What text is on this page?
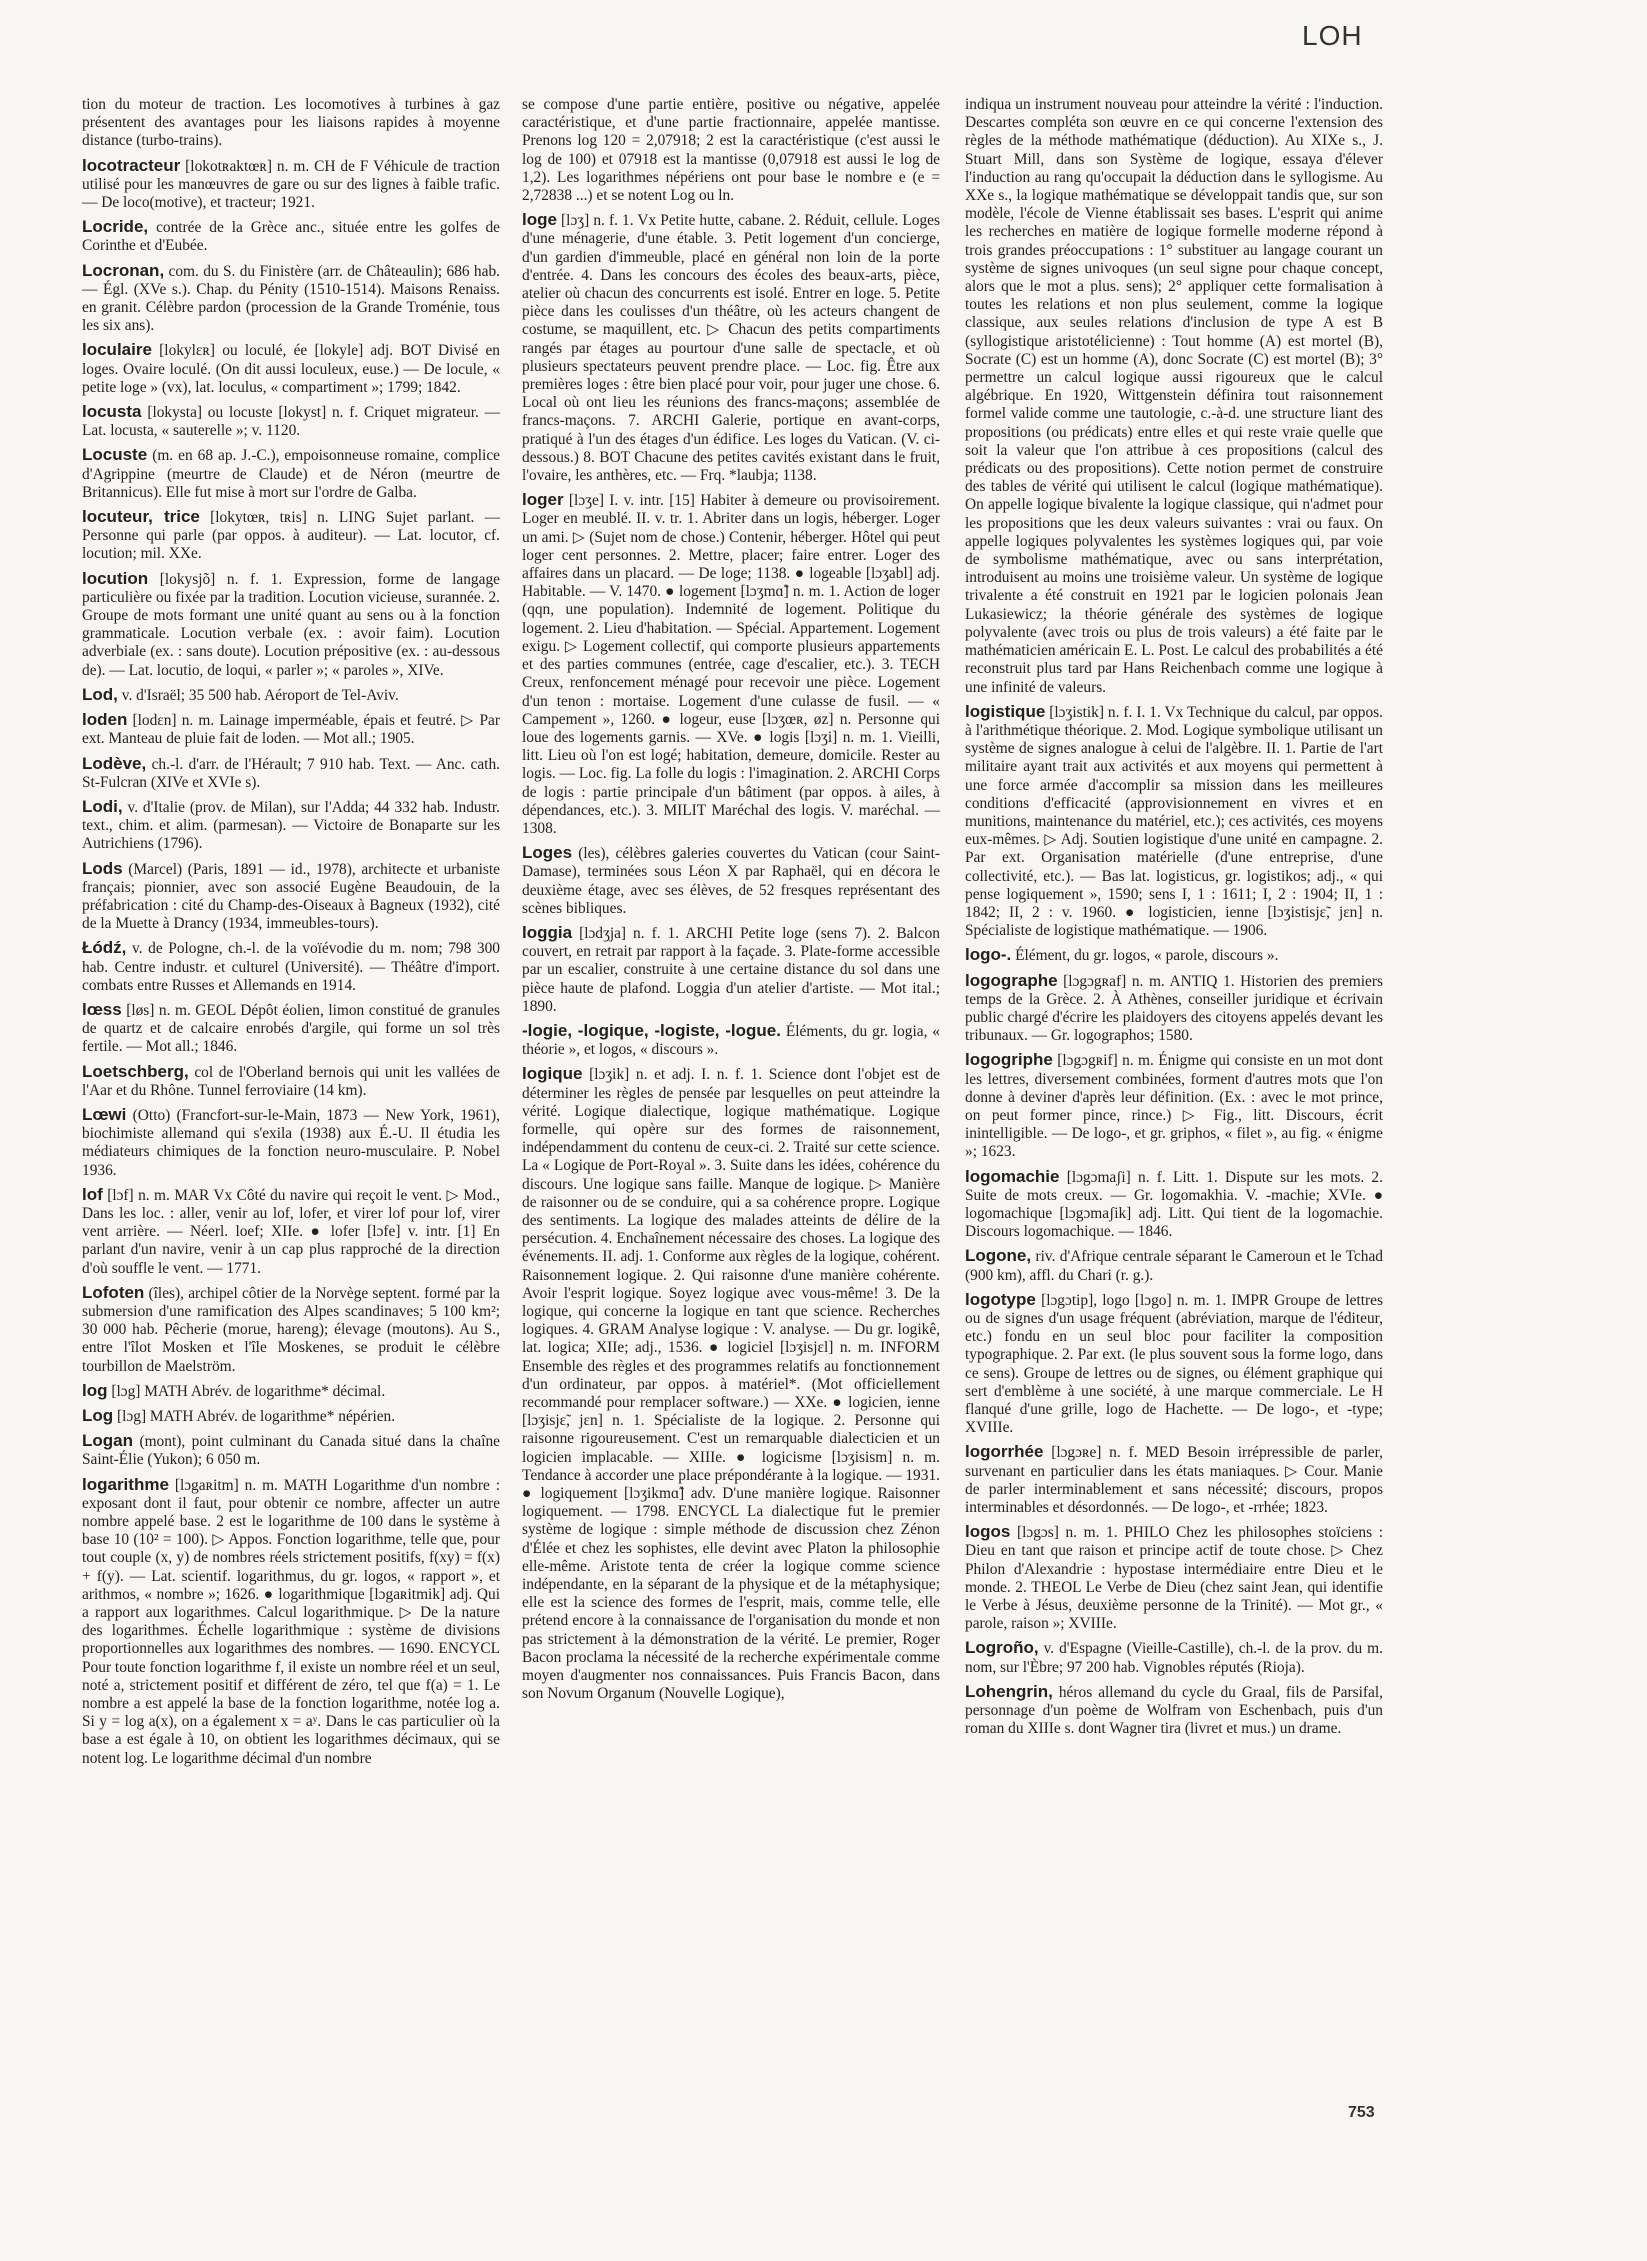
LOH

tion du moteur de traction. Les locomotives à turbines à gaz présentent des avantages pour les liaisons rapides à moyenne distance (turbo-trains).

locotracteur [lokotʀaktœʀ] n. m. CH de F Véhicule de traction utilisé pour les manœuvres de gare ou sur des lignes à faible trafic. — De loco(motive), et tracteur; 1921.

Locride, contrée de la Grèce anc., située entre les golfes de Corinthe et d'Eubée.

Locronan, com. du S. du Finistère (arr. de Châteaulin); 686 hab. — Égl. (XVe s.). Chap. du Pénity (1510-1514). Maisons Renaiss. en granit. Célèbre pardon (procession de la Grande Troménie, tous les six ans).

loculaire [lokylɛʀ] ou loculé, ée [lokyle] adj. BOT Divisé en loges. Ovaire loculé. (On dit aussi loculeux, euse.) — De locule, « petite loge » (vx), lat. loculus, « compartiment »; 1799; 1842.

locusta [lokysta] ou locuste [lokyst] n. f. Criquet migrateur. — Lat. locusta, « sauterelle »; v. 1120.

Locuste (m. en 68 ap. J.-C.), empoisonneuse romaine, complice d'Agrippine (meurtre de Claude) et de Néron (meurtre de Britannicus). Elle fut mise à mort sur l'ordre de Galba.

locuteur, trice [lokytœʀ, tʀis] n. LING Sujet parlant. — Personne qui parle (par oppos. à auditeur). — Lat. locutor, cf. locution; mil. XXe.

locution [lokysjõ] n. f. 1. Expression, forme de langage particulière ou fixée par la tradition. Locution vicieuse, surannée. 2. Groupe de mots formant une unité quant au sens ou à la fonction grammaticale. Locution verbale (ex. : avoir faim). Locution adverbiale (ex. : sans doute). Locution prépositive (ex. : au-dessous de). — Lat. locutio, de loqui, « parler »; « paroles », XIVe.

Lod, v. d'Israël; 35 500 hab. Aéroport de Tel-Aviv.

loden [lodɛn] n. m. Lainage imperméable, épais et feutré. ▷ Par ext. Manteau de pluie fait de loden. — Mot all.; 1905.

Lodève, ch.-l. d'arr. de l'Hérault; 7 910 hab. Text. — Anc. cath. St-Fulcran (XIVe et XVIe s).

Lodi, v. d'Italie (prov. de Milan), sur l'Adda; 44 332 hab. Industr. text., chim. et alim. (parmesan). — Victoire de Bonaparte sur les Autrichiens (1796).

Lods (Marcel) (Paris, 1891 — id., 1978), architecte et urbaniste français; pionnier, avec son associé Eugène Beaudouin, de la préfabrication : cité du Champ-des-Oiseaux à Bagneux (1932), cité de la Muette à Drancy (1934, immeubles-tours).

Łódź, v. de Pologne, ch.-l. de la voïévodie du m. nom; 798 300 hab. Centre industr. et culturel (Université). — Théâtre d'import. combats entre Russes et Allemands en 1914.

lœss [løs] n. m. GEOL Dépôt éolien, limon constitué de granules de quartz et de calcaire enrobés d'argile, qui forme un sol très fertile. — Mot all.; 1846.

Loetschberg, col de l'Oberland bernois qui unit les vallées de l'Aar et du Rhône. Tunnel ferroviaire (14 km).

Lœwi (Otto) (Francfort-sur-le-Main, 1873 — New York, 1961), biochimiste allemand qui s'exila (1938) aux É.-U. Il étudia les médiateurs chimiques de la fonction neuro-musculaire. P. Nobel 1936.

lof [lɔf] n. m. MAR Vx Côté du navire qui reçoit le vent. ▷ Mod., Dans les loc. : aller, venir au lof, lofer, et virer lof pour lof, virer vent arrière. — Néerl. loef; XIIe. ● lofer [lɔfe] v. intr. [1] En parlant d'un navire, venir à un cap plus rapproché de la direction d'où souffle le vent. — 1771.

Lofoten (îles), archipel côtier de la Norvège septent. formé par la submersion d'une ramification des Alpes scandinaves; 5 100 km²; 30 000 hab. Pêcherie (morue, hareng); élevage (moutons). Au S., entre l'îlot Mosken et l'île Moskenes, se produit le célèbre tourbillon de Maelström.

log [lɔg] MATH Abrév. de logarithme* décimal.

Log [lɔg] MATH Abrév. de logarithme* népérien.

Logan (mont), point culminant du Canada situé dans la chaîne Saint-Élie (Yukon); 6 050 m.

logarithme [lɔgaʀitm] n. m. MATH Logarithme d'un nombre : exposant dont il faut, pour obtenir ce nombre, affecter un autre nombre appelé base. 2 est le logarithme de 100 dans le système à base 10 (10² = 100). ▷ Appos. Fonction logarithme, telle que, pour tout couple (x, y) de nombres réels strictement positifs, f(xy) = f(x) + f(y). — Lat. scientif. logarithmus, du gr. logos, « rapport », et arithmos, « nombre »; 1626. ● logarithmique [lɔgaʀitmik] adj. Qui a rapport aux logarithmes. Calcul logarithmique. ▷ De la nature des logarithmes. Échelle logarithmique : système de divisions proportionnelles aux logarithmes des nombres. — 1690. ENCYCL Pour toute fonction logarithme f, il existe un nombre réel et un seul, noté a, strictement positif et différent de zéro, tel que f(a) = 1. Le nombre a est appelé la base de la fonction logarithme, notée log a. Si y = log a(x), on a également x = aʸ. Dans le cas particulier où la base a est égale à 10, on obtient les logarithmes décimaux, qui se notent log. Le logarithme décimal d'un nombre

se compose d'une partie entière, positive ou négative, appelée caractéristique, et d'une partie fractionnaire, appelée mantisse. Prenons log 120 = 2,07918; 2 est la caractéristique (c'est aussi le log de 100) et 07918 est la mantisse (0,07918 est aussi le log de 1,2). Les logarithmes népériens ont pour base le nombre e (e = 2,72838 ...) et se notent Log ou ln.

loge [lɔʒ] n. f. 1. Vx Petite hutte, cabane. 2. Réduit, cellule. Loges d'une ménagerie, d'une étable. 3. Petit logement d'un concierge, d'un gardien d'immeuble, placé en général non loin de la porte d'entrée. 4. Dans les concours des écoles des beaux-arts, pièce, atelier où chacun des concurrents est isolé. Entrer en loge. 5. Petite pièce dans les coulisses d'un théâtre, où les acteurs changent de costume, se maquillent, etc. ▷ Chacun des petits compartiments rangés par étages au pourtour d'une salle de spectacle, et où plusieurs spectateurs peuvent prendre place. — Loc. fig. Être aux premières loges : être bien placé pour voir, pour juger une chose. 6. Local où ont lieu les réunions des francs-maçons; assemblée de francs-maçons. 7. ARCHI Galerie, portique en avant-corps, pratiqué à l'un des étages d'un édifice. Les loges du Vatican. (V. ci-dessous.) 8. BOT Chacune des petites cavités existant dans le fruit, l'ovaire, les anthères, etc. — Frq. *laubja; 1138.

loger [lɔʒe] I. v. intr. [15] Habiter à demeure ou provisoirement. Loger en meublé. II. v. tr. 1. Abriter dans un logis, héberger. Loger un ami. ▷ (Sujet nom de chose.) Contenir, héberger. Hôtel qui peut loger cent personnes. 2. Mettre, placer; faire entrer. Loger des affaires dans un placard. — De loge; 1138. ● logeable [lɔʒabl] adj. Habitable. — V. 1470. ● logement [lɔʒmɑ̃] n. m. 1. Action de loger (qqn, une population). Indemnité de logement. Politique du logement. 2. Lieu d'habitation. — Spécial. Appartement. Logement exigu. ▷ Logement collectif, qui comporte plusieurs appartements et des parties communes (entrée, cage d'escalier, etc.). 3. TECH Creux, renfoncement ménagé pour recevoir une pièce. Logement d'un tenon : mortaise. Logement d'une culasse de fusil. — « Campement », 1260. ● logeur, euse [lɔʒœʀ, øz] n. Personne qui loue des logements garnis. — XVe. ● logis [lɔʒi] n. m. 1. Vieilli, litt. Lieu où l'on est logé; habitation, demeure, domicile. Rester au logis. — Loc. fig. La folle du logis : l'imagination. 2. ARCHI Corps de logis : partie principale d'un bâtiment (par oppos. à ailes, à dépendances, etc.). 3. MILIT Maréchal des logis. V. maréchal. — 1308.

Loges (les), célèbres galeries couvertes du Vatican (cour Saint-Damase), terminées sous Léon X par Raphaël, qui en décora le deuxième étage, avec ses élèves, de 52 fresques représentant des scènes bibliques.

loggia [lɔdʒja] n. f. 1. ARCHI Petite loge (sens 7). 2. Balcon couvert, en retrait par rapport à la façade. 3. Plate-forme accessible par un escalier, construite à une certaine distance du sol dans une pièce haute de plafond. Loggia d'un atelier d'artiste. — Mot ital.; 1890.

-logie, -logique, -logiste, -logue. Éléments, du gr. logia, « théorie », et logos, « discours ».

logique [lɔʒik] n. et adj. I. n. f. 1. Science dont l'objet est de déterminer les règles de pensée par lesquelles on peut atteindre la vérité. Logique dialectique, logique mathématique. Logique formelle, qui opère sur des formes de raisonnement, indépendamment du contenu de ceux-ci. 2. Traité sur cette science. La « Logique de Port-Royal ». 3. Suite dans les idées, cohérence du discours. Une logique sans faille. Manque de logique. ▷ Manière de raisonner ou de se conduire, qui a sa cohérence propre. Logique des sentiments. La logique des malades atteints de délire de la persécution. 4. Enchaînement nécessaire des choses. La logique des événements. II. adj. 1. Conforme aux règles de la logique, cohérent. Raisonnement logique. 2. Qui raisonne d'une manière cohérente. Avoir l'esprit logique. Soyez logique avec vous-même! 3. De la logique, qui concerne la logique en tant que science. Recherches logiques. 4. GRAM Analyse logique : V. analyse. — Du gr. logikê, lat. logica; XIIe; adj., 1536. ● logiciel [lɔʒisjɛl] n. m. INFORM Ensemble des règles et des programmes relatifs au fonctionnement d'un ordinateur, par oppos. à matériel*. (Mot officiellement recommandé pour remplacer software.) — XXe. ● logicien, ienne [lɔʒisjɛ̃, jɛn] n. 1. Spécialiste de la logique. 2. Personne qui raisonne rigoureusement. C'est un remarquable dialecticien et un logicien implacable. — XIIIe. ● logicisme [lɔʒisism] n. m. Tendance à accorder une place prépondérante à la logique. — 1931. ● logiquement [lɔʒikmɑ̃] adv. D'une manière logique. Raisonner logiquement. — 1798. ENCYCL La dialectique fut le premier système de logique : simple méthode de discussion chez Zénon d'Élée et chez les sophistes, elle devint avec Platon la philosophie elle-même. Aristote tenta de créer la logique comme science indépendante, en la séparant de la physique et de la métaphysique; elle est la science des formes de l'esprit, mais, comme telle, elle prétend encore à la connaissance de l'organisation du monde et non pas strictement à la démonstration de la vérité. Le premier, Roger Bacon proclama la nécessité de la recherche expérimentale comme moyen d'augmenter nos connaissances. Puis Francis Bacon, dans son Novum Organum (Nouvelle Logique),

indiqua un instrument nouveau pour atteindre la vérité : l'induction. Descartes compléta son œuvre en ce qui concerne l'extension des règles de la méthode mathématique (déduction). Au XIXe s., J. Stuart Mill, dans son Système de logique, essaya d'élever l'induction au rang qu'occupait la déduction dans le syllogisme. Au XXe s., la logique mathématique se développait tandis que, sur son modèle, l'école de Vienne établissait ses bases. L'esprit qui anime les recherches en matière de logique formelle moderne répond à trois grandes préoccupations : 1° substituer au langage courant un système de signes univoques (un seul signe pour chaque concept, alors que le mot a plus. sens); 2° appliquer cette formalisation à toutes les relations et non plus seulement, comme la logique classique, aux seules relations d'inclusion de type A est B (syllogistique aristotélicienne) : Tout homme (A) est mortel (B), Socrate (C) est un homme (A), donc Socrate (C) est mortel (B); 3° permettre un calcul logique aussi rigoureux que le calcul algébrique. En 1920, Wittgenstein définira tout raisonnement formel valide comme une tautologie, c.-à-d. une structure liant des propositions (ou prédicats) entre elles et qui reste vraie quelle que soit la valeur que l'on attribue à ces propositions (calcul des prédicats ou des propositions). Cette notion permet de construire des tables de vérité qui utilisent le calcul (logique mathématique). On appelle logique bivalente la logique classique, qui n'admet pour les propositions que les deux valeurs suivantes : vrai ou faux. On appelle logiques polyvalentes les systèmes logiques qui, par voie de symbolisme mathématique, avec ou sans interprétation, introduisent au moins une troisième valeur. Un système de logique trivalente a été construit en 1921 par le logicien polonais Jean Lukasiewicz; la théorie générale des systèmes de logique polyvalente (avec trois ou plus de trois valeurs) a été faite par le mathématicien américain E. L. Post. Le calcul des probabilités a été reconstruit plus tard par Hans Reichenbach comme une logique à une infinité de valeurs.

logistique [lɔʒistik] n. f. I. 1. Vx Technique du calcul, par oppos. à l'arithmétique théorique. 2. Mod. Logique symbolique utilisant un système de signes analogue à celui de l'algèbre. II. 1. Partie de l'art militaire ayant trait aux activités et aux moyens qui permettent à une force armée d'accomplir sa mission dans les meilleures conditions d'efficacité (approvisionnement en vivres et en munitions, maintenance du matériel, etc.); ces activités, ces moyens eux-mêmes. ▷ Adj. Soutien logistique d'une unité en campagne. 2. Par ext. Organisation matérielle (d'une entreprise, d'une collectivité, etc.). — Bas lat. logisticus, gr. logistikos; adj., « qui pense logiquement », 1590; sens I, 1 : 1611; I, 2 : 1904; II, 1 : 1842; II, 2 : v. 1960. ● logisticien, ienne [lɔʒistisjɛ̃, jɛn] n. Spécialiste de logistique mathématique. — 1906.

logo-. Élément, du gr. logos, « parole, discours ».

logographe [lɔgɔgʀaf] n. m. ANTIQ 1. Historien des premiers temps de la Grèce. 2. À Athènes, conseiller juridique et écrivain public chargé d'écrire les plaidoyers des citoyens appelés devant les tribunaux. — Gr. logographos; 1580.

logogriphe [lɔgɔgʀif] n. m. Énigme qui consiste en un mot dont les lettres, diversement combinées, forment d'autres mots que l'on donne à deviner d'après leur définition. (Ex. : avec le mot prince, on peut former pince, rince.) ▷ Fig., litt. Discours, écrit inintelligible. — De logo-, et gr. griphos, « filet », au fig. « énigme »; 1623.

logomachie [lɔgɔmaʃi] n. f. Litt. 1. Dispute sur les mots. 2. Suite de mots creux. — Gr. logomakhia. V. -machie; XVIe. ● logomachique [lɔgɔmaʃik] adj. Litt. Qui tient de la logomachie. Discours logomachique. — 1846.

Logone, riv. d'Afrique centrale séparant le Cameroun et le Tchad (900 km), affl. du Chari (r. g.).

logotype [lɔgɔtip], logo [lɔgo] n. m. 1. IMPR Groupe de lettres ou de signes d'un usage fréquent (abréviation, marque de l'éditeur, etc.) fondu en un seul bloc pour faciliter la composition typographique. 2. Par ext. (le plus souvent sous la forme logo, dans ce sens). Groupe de lettres ou de signes, ou élément graphique qui sert d'emblème à une société, à une marque commerciale. Le H flanqué d'une grille, logo de Hachette. — De logo-, et -type; XVIIIe.

logorrhée [lɔgɔʀe] n. f. MED Besoin irrépressible de parler, survenant en particulier dans les états maniaques. ▷ Cour. Manie de parler interminablement et sans nécessité; discours, propos interminables et désordonnés. — De logo-, et -rrhée; 1823.

logos [lɔgɔs] n. m. 1. PHILO Chez les philosophes stoïciens : Dieu en tant que raison et principe actif de toute chose. ▷ Chez Philon d'Alexandrie : hypostase intermédiaire entre Dieu et le monde. 2. THEOL Le Verbe de Dieu (chez saint Jean, qui identifie le Verbe à Jésus, deuxième personne de la Trinité). — Mot gr., « parole, raison »; XVIIIe.

Logroño, v. d'Espagne (Vieille-Castille), ch.-l. de la prov. du m. nom, sur l'Èbre; 97 200 hab. Vignobles réputés (Rioja).

Lohengrin, héros allemand du cycle du Graal, fils de Parsifal, personnage d'un poème de Wolfram von Eschenbach, puis d'un roman du XIIIe s. dont Wagner tira (livret et mus.) un drame.

753
